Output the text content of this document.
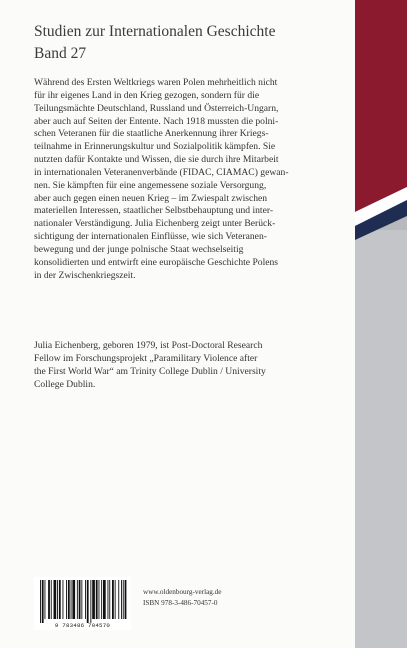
Studien zur Internationalen Geschichte
Band 27

Während des Ersten Weltkriegs waren Polen mehrheitlich nicht

für ihr eigenes Land in den Krieg gezogen, sondern für die

Teilungsmächte Deutschland, Russland und Österreich-Ungarn,

aber auch auf Seiten der Entente. Nach 1918 mussten die polni-

schen Veteranen für die staatliche Anerkennung ihrer Kriegs-

teilnahme in Erinnerungskultur und Sozialpolitik kämpfen. Sie

nutzten dafür Kontakte und Wissen, die sie durch ihre Mitarbeit

in internationalen Veteranenverbände (FIDAC, CIAMAC) gewan-

nen. Sie kämpften für eine angemessene soziale Versorgung,

aber auch gegen einen neuen Krieg – im Zwiespalt zwischen

materiellen Interessen, staatlicher Selbstbehauptung und inter-

nationaler Verständigung. Julia Eichenberg zeigt unter Berück-

sichtigung der internationalen Einflüsse, wie sich Veteranen-

bewegung und der junge polnische Staat wechselseitig

konsolidierten und entwirft eine europäische Geschichte Polens

in der Zwischenkriegszeit.

Julia Eichenberg, geboren 1979, ist Post-Doctoral Research

Fellow im Forschungsprojekt „Paramilitary Violence after

the First World War“ am Trinity College Dublin / University

College Dublin.

9 783486 704570
www.oldenbourg-verlag.de
ISBN 978-3-486-70457-0
